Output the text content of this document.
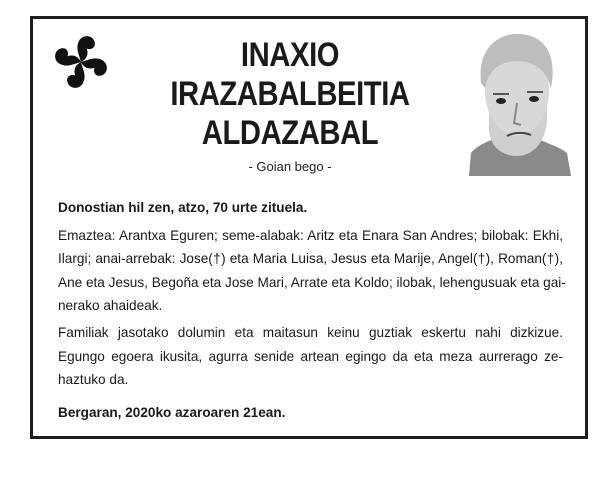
INAXIO
IRAZABALBEITIA
ALDAZABAL
- Goian bego -
Donostian hil zen, atzo, 70 urte zituela.
Emaztea: Arantxa Eguren; seme-alabak: Aritz eta Enara San Andres; bilobak: Ekhi,
Ilargi; anai-arrebak: Jose(†) eta Maria Luisa, Jesus eta Marije, Angel(†), Roman(†),
Ane eta Jesus, Begoña eta Jose Mari, Arrate eta Koldo; ilobak, lehengusuak eta gai-
nerako ahaideak.
Familiak jasotako dolumin eta maitasun keinu guztiak eskertu nahi dizkizue.
Egungo egoera ikusita, agurra senide artean egingo da eta meza aurrerago ze-
haztuko da.
Bergaran, 2020ko azaroaren 21ean.
